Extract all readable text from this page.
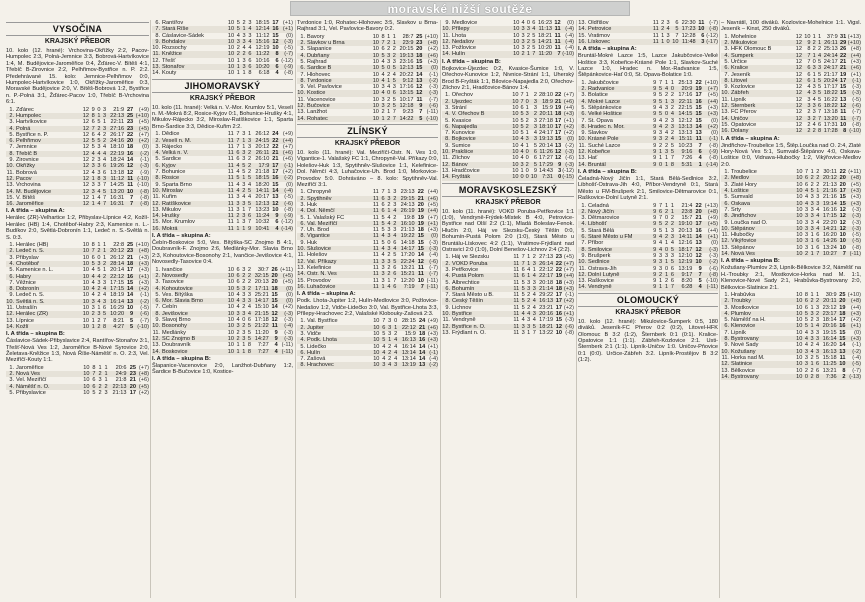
moravské nižší soutěže
VYSOČINA
KRAJSKÝ PŘEBOR
10. kolo (12. hrané): Vrchovina-Okřížky 2:2, Pacov-Humpolec 2:3, Polná-Jemnice 3:3, Bobrová-Hartvíkovice 1:4, M. Budějovice-Jaroměřice 0:4, Žďárec-V. Bítěš 4:1, Třebíč B-Zirovnice 2:2, Pelhřimov-Bystřice n. P. 2:2. Předehrávané 15. kolo: Jemnice-Pelhřimov 0:0, Humpolec-Hartvíkovice 1:0, Okřížky-Jaroměřice 0:3, Moravské Budějovice 2:0, V. Bítěš-Bobrová 1:2, Bystřice n. P.-Polná 3:1, Žďárec-Pacov 1:0, Třebíč B-Vrchovina 6:1.
1.	Žďárec	12	9	0	3	21:9	27	(+9)
2.	Humpolec	12	8	1	3	22:13	25	(+10)
3.	Hartvíkovice	12	6	5	1	22:11	23	(+5)
4.	Polná	12	7	2	3	27:16	23	(+5)
5.	Bystřice n. P.	12	6	4	2	26:17	22	(+7)
6.	Pelhřimov	12	5	5	2	24:16	20	(+2)
7.	Jemnice	12	5	3	4	18:10	18	(0)
8.	Třebíč B	12	4	4	4	22:19	16	(-2)
9.	Žirovnice	12	2	3	4	18:24	14	(-1)
10.	Okřížky	12	3	3	6	19:26	12	(-3)
11.	Bobrová	12	4	3	6	13:18	12	(-9)
12.	Pacov	12	1	8	3	11:12	11	(-10)
13.	Vrchovina	12	3	3	7	14:25	11	(-10)
14.	M. Budějovice	12	3	4	5	13:20	10	(-8)
15.	V. Bítěš	12	1	4	7	16:31	7	(-8)
16.	Jaroměřice	12	1	4	7	16:31	7	(-8)
I. A třída – skupina A:
Herálec (ZR)-Velhartice 1:2, Přibyslav-Lípnice 4:2, Kožlí-Herálec (HB) 1:4, Chotěboř-Habry 2:3, Kamenice n. L.-Budíkov 2:0, Světlá-Dobronín 1:1, Ledeč n. S.-Světlá n. S. 0:3.
1.	Herálec (HB)	10	8	1	1	22:8	25	(+10)
2.	Ledeč n. S.	10	7	2	1	20:12	23	(+8)
3.	Přibyslav	10	6	0	1	26:12	21	(+3)
4.	Chotěboř	10	5	3	2	28:14	18	(+3)
5.	Kamenice n. L.	10	4	5	1	20:14	17	(+3)
6.	Habry	10	4	4	2	22:12	16	(+1)
7.	Věžnice	10	4	3	3	17:15	15	(+3)
8.	Dobronín	10	4	2	4	17:15	14	(+2)
9.	Ledeč n. S.	10	4	2	4	18:19	14	(-1)
10.	Světlá n. S.	10	3	4	3	16:14	13	(-2)
11.	Ústrašín	10	3	1	6	16:29	10	(-5)
12.	Herálec (ZR)	10	2	3	5	10:20	9	(-6)
13.	Lípnice	10	1	2	7	8:21	5	(-7)
14.	Kožlí	10	1	2	8	4:27	5	(-10)
I. A třída – skupina B:
Čáslavice-Sádek-Přibyslavice 2:4, Rantířov-Stonařov 3:1, Třešť-Nová Ves 1:2, Jaroměřice B-Nové Syrovice 2:0, Želetava-Kněžice 1:3, Nová Říše-Náměšť n. O. 2:3, Vel. Meziříčí-Kouty 1:1.
1.	Jaroměřice	10	8	1	1	20:6	25	(+7)
2.	Nová Ves	10	7	2	1	24:9	23	(+8)
3.	Vel. Meziříčí	10	6	3	1	21:8	21	(+6)
4.	Náměšť n. O.	10	6	2	2	22:13	20	(+5)
5.	Přibyslavice	10	5	2	3	21:13	17	(+2)
6.	Rantířov	10	5	2	3	18:15	17	(+1)
7.	Stará Říše	10	5	1	4	12:14	16	(+1)
8.	Čáslavice-Sádek	10	4	3	3	11:12	15	(0)
9.	Bohdalov	10	3	3	4	15:16	12	(-3)
10.	Rozsochy	10	2	4	4	12:19	10	(-5)
11.	Kněžice	10	2	2	6	11:22	8	(-7)
12.	Třešť	10	1	3	6	10:16	6	(-12)
13.	Stonařov	10	1	3	6	10:20	6	(-9)
14.	Kouty	10	1	1	8	6:18	4	(-8)
JIHOMORAVSKÝ
KRAJSKÝ PŘEBOR
10. kolo (11. hrané): Velká n. V.-Mor. Krumlov 5:1, Veselí n. M.-Mokrá 8:2, Rosice-Kyjov 0:1, Bohunice-Hrušky 4:1, Mikulov-Rájecko 3:2, Miroslav-Ratíškovice 1:1, Sparta Brno-Šardice 3:3, Dědice-Kuřim 2:2.
1.	Dědice	11	7	3	1	26:12	24	(+9)
2.	Veselí n. M.	11	7	1	3	24:15	22	(+4)
3.	Rájecko	11	7	1	3	20:12	22	(+7)
4.	Velká n. V.	11	6	3	2	26:11	21	(+6)
5.	Šardice	11	6	3	2	26:10	21	(+6)
6.	Kyjov	11	4	5	2	17:9	17	(-1)
7.	Bohunice	11	4	5	2	21:18	17	(+2)
8.	Rosice	11	5	1	5	18:15	16	(-2)
9.	Sparta Brno	11	4	3	4	18:20	15	(0)
10.	Miroslav	11	4	2	5	14:11	14	(-4)
11.	Kuřim	11	3	4	4	20:17	13	(-5)
12.	Ratíškovice	11	3	3	5	12:13	12	(-6)
13.	Mikulov	11	3	1	7	13:23	10	(-8)
14.	Hrušky	11	2	3	6	11:24	9	(-9)
15.	Mor. Krumlov	11	1	3	7	10:32	6	(-12)
16.	Mokrá	11	1	1	9	10:41	4	(-14)
I. A třída – skupina A:
Čebín-Boskovice 5:0, Ves. Bítýška-SC Znojmo B 4:1, Doubravník-F. Znojmo 2:6, Medlánky-Mor. Slavia Brno 2:3, Kohoutovice-Bosonohy 2:1, Ivančice-Jevišovice 4:1, Novosedly-Tasovice 0:4.
1.	Ivančice	10	6	3	2	30:7	26	(+11)
2.	Novosedly	10	6	2	2	32:15	20	(+5)
3.	Tasovice	10	6	2	2	20:13	20	(+5)
4.	Kohoutovice	10	5	3	2	17:11	18	(0)
5.	Ves. Bítýška	10	4	3	3	25:21	15	(0)
6.	Mor. Slavia Brno	10	4	3	3	14:17	15	(0)
7.	Čebín	10	4	2	4	15:10	14	(+2)
8.	Jevišovice	10	3	3	4	21:15	12	(-3)
9.	Slavoj Brno	10	4	0	6	17:18	12	(-3)
10.	Bosonohy	10	3	2	5	21:22	11	(-4)
11.	Medlánky	10	2	3	5	11:20	9	(-3)
12.	SC Znojmo B	10	2	3	5	14:27	9	(-3)
13.	Doubravník	10	1	1	8	7:27	4	(-11)
14.	Boskovice	10	1	1	8	7:27	4	(-11)
I. A třída – skupina B:
Šlapanice-Vacenovice 2:0, Lanžhot-Dubňany 1:2, Šardice B-Bučovice 1:0, Kostice-
Tvrdonice 1:0, Rohatec-Hlohovec 3:5, Slavkov u Brna-Rajhrad 3:1, Vel. Pavlovice-Bavory 0:2.
1.	Bavory	10	8	1	1	28:7	25	(+10)
2.	Slavkov u Brna	10	7	2	1	23:9	23	(+8)
3.	Šlapanice	10	6	2	2	20:15	20	(+2)
4.	Dubňany	10	5	3	2	19:13	18	(+6)
5.	Rajhrad	10	4	3	3	23:16	15	(+3)
6.	Šardice B	10	5	0	5	12:13	15	(0)
7.	Hlohovec	10	4	2	4	20:22	14	(-1)
8.	Tvrdonice	10	4	1	5	9:12	13	(-2)
9.	Vel. Pavlovice	10	3	4	3	17:16	12	(-3)
10.	Kostice	10	4	0	6	13:15	12	(-3)
11.	Vacenovice	10	3	2	5	10:17	11	(-7)
12.	Bučovice	10	3	2	5	12:18	9	(-6)
13.	Lanžhot	10	2	1	7	9:23	7	(-11)
14.	Rohatec	10	1	2	7	14:22	5	(-10)
ZLÍNSKÝ
KRAJSKÝ PŘEBOR
10. kolo (11. hrané): Val. Meziříčí-Ostr. N. Ves 1:0, Vigantice-1. Valašský FC 1:1, Chropyně-Val. Příkazy 0:0, Holešov-Huk 1:3, Spytihněv-Slušovice 1:1, Kelefinice-Dol. Němčí 4:3, Luhačovice-Uh. Brod 1:0, Morkovice-Provodov 5:0. Dohráváno – 8. kolo: Spytihněv-Val. Meziříčí 3:1.
1.	Chropyně	11	7	1	3	23:13	22	(+4)
2.	Spytihněv	11	6	3	2	29:15	21	(+6)
3.	Huk	11	6	2	3	24:13	20	(+5)
4.	Dol. Němčí	11	6	1	4	26:19	19	(+4)
5.	1. Valašský FC	11	5	4	2	19:8	19	(+7)
6.	Val. Meziříčí	11	5	4	2	16:10	19	(+1)
7.	Uh. Brod	11	5	3	3	21:13	18	(+3)
8.	Vigantice	11	4	3	4	19:22	15	(0)
9.	Huk	11	5	0	6	14:18	15	(-3)
10.	Slušovice	11	4	3	4	14:17	15	(-3)
11.	Holešov	11	4	2	5	17:20	14	(-4)
12.	Val. Příkazy	11	3	3	5	22:24	12	(-6)
13.	Kelefinice	11	3	2	6	13:21	11	(-7)
14.	Ostr. N. Ves	11	3	2	6	15:21	11	(-7)
15.	Provodov	11	3	1	7	12:20	10	(-11)
16.	Luhačovice	11	1	4	6	7:19	7	(-11)
I. A třída – skupina A:
Podk. Lhota-Jupiter 1:2, Hulín-Medlovice 3:0, Požlovice-Nedašov 1:2, Vidče-Lidečko 3:0, Val. Bystřice-Lhota 3:3, Přílepy-Hrachovec 2:2, Valašské Klobouky-Zašová 2:3.
1.	Val. Bystřice	10	7	3	0	28:15	24	(+9)
2.	Jupiter	10	6	3	1	22:12	21	(+6)
3.	Vidče	10	5	3	2	15:9	18	(+3)
4.	Podk. Lhota	10	5	1	4	16:13	16	(+3)
5.	Lidečko	10	4	2	4	16:14	14	(+1)
6.	Hulín	10	4	2	4	13:14	14	(-1)
7.	Zašová	10	4	2	4	13:14	14	(-4)
8.	Hrachovec	10	3	4	3	13:19	13	(-2)
9.	Medlovice	10	4	0	6	16:23	12	(0)
10.	Přílepy	10	3	3	4	11:13	11	(-4)
11.	Lhota	10	3	2	5	18:21	11	(-4)
12.	Nedašov	10	3	2	5	14:21	11	(-4)
13.	Požlovice	10	3	2	5	10:20	11	(-4)
14.	Hulín	10	2	1	7	11:20	7	(-10)
I. A třída – skupina B:
Bojkovice-Újezdec 0:2, Kvasice-Šumice 1:0, V. Ořechov-Kunovice 1:2, Nivnice-Strání 1:1, Uherský Brod B-Fryšták 1:1, Bílovice-Napajedla 2:0, Ořechov-Zlíchov 2:1, Hradčovice-Bánov 1:4.
1.	Ořechov	10	7	1	2	28:10	22	(+7)
2.	Újezdec	10	7	0	3	18:9	21	(+6)
3.	Strání	10	6	1	3	15:9	19	(+4)
4.	V. Ořechov B	10	5	3	2	20:11	18	(+3)
5.	Kvasice	10	5	2	3	27:18	17	(+1)
6.	Napajedla	10	5	2	3	18:10	17	(+2)
7.	Kunovice	10	5	1	4	24:17	17	(+2)
8.	Bojkovice	10	4	3	3	19:13	15	(0)
9.	Šumice	10	4	1	5	20:14	13	(-2)
10.	Prakšice	10	4	0	6	11:26	12	(-3)
11.	Zlíchov	10	4	0	6	17:27	12	(-6)
12.	Bánov	10	3	2	5	17:29	9	(-3)
13.	Hradčovice	10	1	0	9	14:43	3	(-12)
14.	Fryšták	10	0	0	10	7:31	0	(-15)
MORAVSKOSLEZSKÝ
KRAJSKÝ PŘEBOR
10. kolo (11. hrané): VOKD Poruba-Petřkovice 1:1 (1:0), Vendryně-Frýdek-Místek B 4:0, Petrovice-Bystřice nad Olší 2:2 (1:1), Mladá Boleslav-Fenok. Hlučín 2:0, Háj ve Slezsku-Český Těšín 0:0, Bohumín-Pustá Polom 2:0 (1:0), Stará Město u Bruntálu-Lískovec 4:2 (1:1), Vratimov-Frýdlant nad Ostravicí 2:0 (1:0), Dolní Benešov-Lichnov 2:4 (2:2).
1.	Háj ve Slezsku	11	7	1	2	27:13	23	(+5)
2.	VOKD Poruba	11	7	1	3	26:14	22	(+7)
3.	Petřkovice	11	6	4	1	22:12	22	(+7)
4.	Pustá Polom	11	6	1	4	22:17	19	(+4)
5.	Albrechtice	11	5	3	3	20:18	18	(+3)
6.	Bohumín	11	5	3	3	21:14	18	(+3)
7.	Stará Město u B.	11	5	2	4	29:22	17	(-1)
8.	Český Těšín	11	5	2	4	16:13	17	(+2)
9.	Lichnov	11	5	2	4	23:21	17	(+2)
10.	Bystřice	11	4	4	3	20:16	16	(+1)
11.	Vendryně	11	4	3	4	17:19	15	(-3)
12.	Bystřice n. O.	11	3	3	5	18:21	12	(-6)
13.	Frýdlant n. O.	11	3	1	7	13:22	10	(-8)
13.	Oldřišov	11	2	3	6	22:30	11	(-7)
14.	Petrovice	11	2	4	5	17:23	10	(-8)
15.	Vratimov	11	1	3	7	12:28	6	(-12)
16.	Lískovec	11	1	0	10	11:48	3	(-17)
I. A třída – skupina A:
Bruntál-Mokré Lazce 1:5, Lazce Jakubčovice-Velké Hoštice 3:3, Kobeřice-Krásné Pole 1:1, Slavkov-Suché Lazce 1:0, Hradec n. Mor.-Radvanice 1:5, Štěpánkovice-Hať 0:0, St. Opava-Bolatice 1:0.
1.	Jakubčovice	9	7	1	1	25:13	22	(+10)
2.	Radvanice	9	5	4	0	20:9	19	(+7)
3.	Bolatice	9	5	2	2	17:16	17	(+5)
4.	Mokré Lazce	9	5	1	3	22:11	16	(+4)
5.	Štěpánkovice	9	4	3	2	22:15	15	(+3)
6.	Velké Hoštice	9	5	0	4	14:15	15	(+3)
7.	St. Opava	9	4	2	3	12:12	15	(0)
8.	Hradec n. Mor.	9	4	2	3	13:13	14	(+2)
9.	Slavkov	9	3	4	2	13:13	13	(0)
10.	Krásné Pole	9	3	2	4	15:11	11	(-1)
11.	Suché Lazce	9	2	2	5	10:23	7	(-8)
12.	Kobeřice	9	1	3	5	9:16	6	(-9)
13.	Hať	9	1	1	7	7:26	4	(-8)
14.	Bruntál	9	0	1	8	5:31	1	(-14)
I. A třída – skupina B:
Čeladná-Nový Jičín 1:1, Stará Bělá-Sedlnice 3:2, Libhošť-Ostrava-Jih 4:0, Příbor-Vendryně 0:1, Stará Město u FM-Brušperk 2:1, Smilovice-Dětmarovice 0:1, Raškovice-Dolní Lutyně 2:1.
1.	Čeladná	9	7	1	1	21:4	22	(+13)
2.	Nový Jičín	9	6	2	1	23:8	20	(+8)
3.	Dětmarovice	9	7	0	2	15:7	21	(+9)
4.	Libhošť	9	5	2	2	19:10	17	(+5)
5.	Stará Bělá	9	5	1	3	20:13	16	(+4)
6.	Staré Město u FM	9	4	2	3	14:11	14	(+1)
7.	Příbor	9	4	1	4	12:16	13	(0)
8.	Smilovice	9	4	0	5	18:17	12	(-3)
9.	Brušperk	9	3	3	3	12:10	12	(-3)
10.	Sedlnice	9	3	1	5	12:19	10	(-2)
11.	Ostrava-Jih	9	3	0	6	13:19	9	(-6)
12.	Dolní Lutyně	9	2	1	6	9:17	7	(-8)
13.	Raškovice	9	1	2	6	8:20	5	(-10)
14.	Vendryně	9	1	1	7	6:28	4	(-11)
OLOMOUCKÝ
KRAJSKÝ PŘEBOR
10. kolo (12. hrané): Mikulovice-Šumperk 0:5, 180 diváků. Jeseník-FC Přerov 0:2 (0:2), Litovel-HFK Olomouc B 3:2 (1:2), Šternberk 0:1 (0:1). Kralice-Opatovice 1:1 (1:1). Zábřeh-Kozlovice 2:1. Usti-Šternberk 2:1 (1:1). Lipník-Uničov 1:0. Uničov-Pňovice 0:1 (0:0). Určice-Zábřeh 3:2. Lipník-Prostějov B 3:2 (1:2).
– Navrátil, 100 diváků. Kozlovice-Mohelnice 1:1. Vigsl. Jeseník – Kinst, 250 diváků.
1.	Mohelnice	12	10	1	1	37:9	31	(+13)
2.	Mikulovice	12	9	2	1	26:11	29	(+10)
3.	HFK Olomouc B	12	8	2	2	25:13	26	(+8)
4.	Šumperk	12	7	1	4	24:14	22	(+4)
5.	Určice	12	7	0	5	24:17	21	(+3)
6.	Kralice	12	6	3	3	24:17	21	(+6)
7.	Jeseník	12	6	1	5	21:17	19	(+1)
8.	Litovel	12	6	1	5	20:24	17	(-1)
9.	Kozlovice	12	4	3	5	17:17	15	(-3)
10.	Zábřeh	12	4	3	5	18:22	15	(-3)
11.	Lipník	12	3	4	5	16:22	13	(-5)
12.	Šternberk	12	3	3	6	18:22	12	(-6)
13.	FC Přerov	12	2	3	7	13:18	11	(-7)
14.	Uničov	12	3	2	7	13:20	11	(-7)
15.	Opatovice	12	2	4	6	17:31	10	(-8)
16.	Dolany	12	2	2	8	17:28	8	(-10)
I. A třída – skupina A:
Jindřichov-Troubelice 1:5, Štěp.Loučka nad O. 2:4, Zlaté Hory-Nová Ves 5:1, Sumvald-Štěpánov 4:0, Oskava-Loštice 0:0, Vidnava-Hlubočky 1:2, Vikýřovice-Medlov 2:0.
1.	Troubelice	10	7	1	2	30:11	22	(+11)
2.	Medlov	10	6	2	2	20:12	20	(+8)
3.	Zlaté Hory	10	6	2	2	21:13	20	(+5)
4.	Loštice	10	4	5	1	21:16	17	(+3)
5.	Sumvald	10	4	3	3	21:16	15	(+3)
6.	Oskava	10	4	3	3	19:14	15	(+3)
7.	Šrty	10	3	3	4	16:16	12	(-3)
8.	Jindřichov	10	3	3	4	17:15	12	(-3)
9.	Loučka nad O.	10	3	3	4	22:20	12	(-3)
10.	Štěpánov	10	3	3	4	14:21	12	(-3)
11.	Hlubočky	10	3	1	6	16:20	10	(-5)
12.	Vikýřovice	10	3	1	6	14:26	10	(-5)
13.	Štěpánov	10	3	1	6	13:24	10	(-8)
14.	Nová Ves	10	2	1	7	10:27	7	(-11)
I. A třída – skupina B:
Kožušany-Plumlov 2:3, Lipník-Bělkovice 3:2, Náměšť na H.-Troubky 2:1, Mostkovice-Horka nad M. 1:1, Klenovice-Nové Sady 2:1, Hrabůvka-Bystrovany 2:0, Bělkovice-Slatinice 2:1.
1.	Hrabůvka	10	8	1	1	30:9	25	(+10)
2.	Troubky	10	6	2	2	20:11	20	(+8)
3.	Mostkovice	10	6	1	3	23:12	19	(+4)
4.	Plumlov	10	5	3	2	23:17	18	(+3)
5.	Náměšť na H.	10	5	2	3	18:14	17	(+2)
6.	Klenovice	10	5	1	4	20:16	16	(+1)
7.	Lipník	10	4	3	3	19:15	15	(0)
8.	Bystrovany	10	4	3	3	16:14	15	(+3)
9.	Nové Sady	10	4	2	4	16:20	14	(-1)
10.	Kožušany	10	3	4	3	16:13	13	(-2)
11.	Horka nad M.	10	3	2	5	15:18	11	(-4)
12.	Slatinice	10	3	1	6	11:25	10	(-5)
13.	Bělkovice	10	2	2	6	13:21	8	(-7)
14.	Bystrovany	10	0	2	8	7:36	2	(-13)
